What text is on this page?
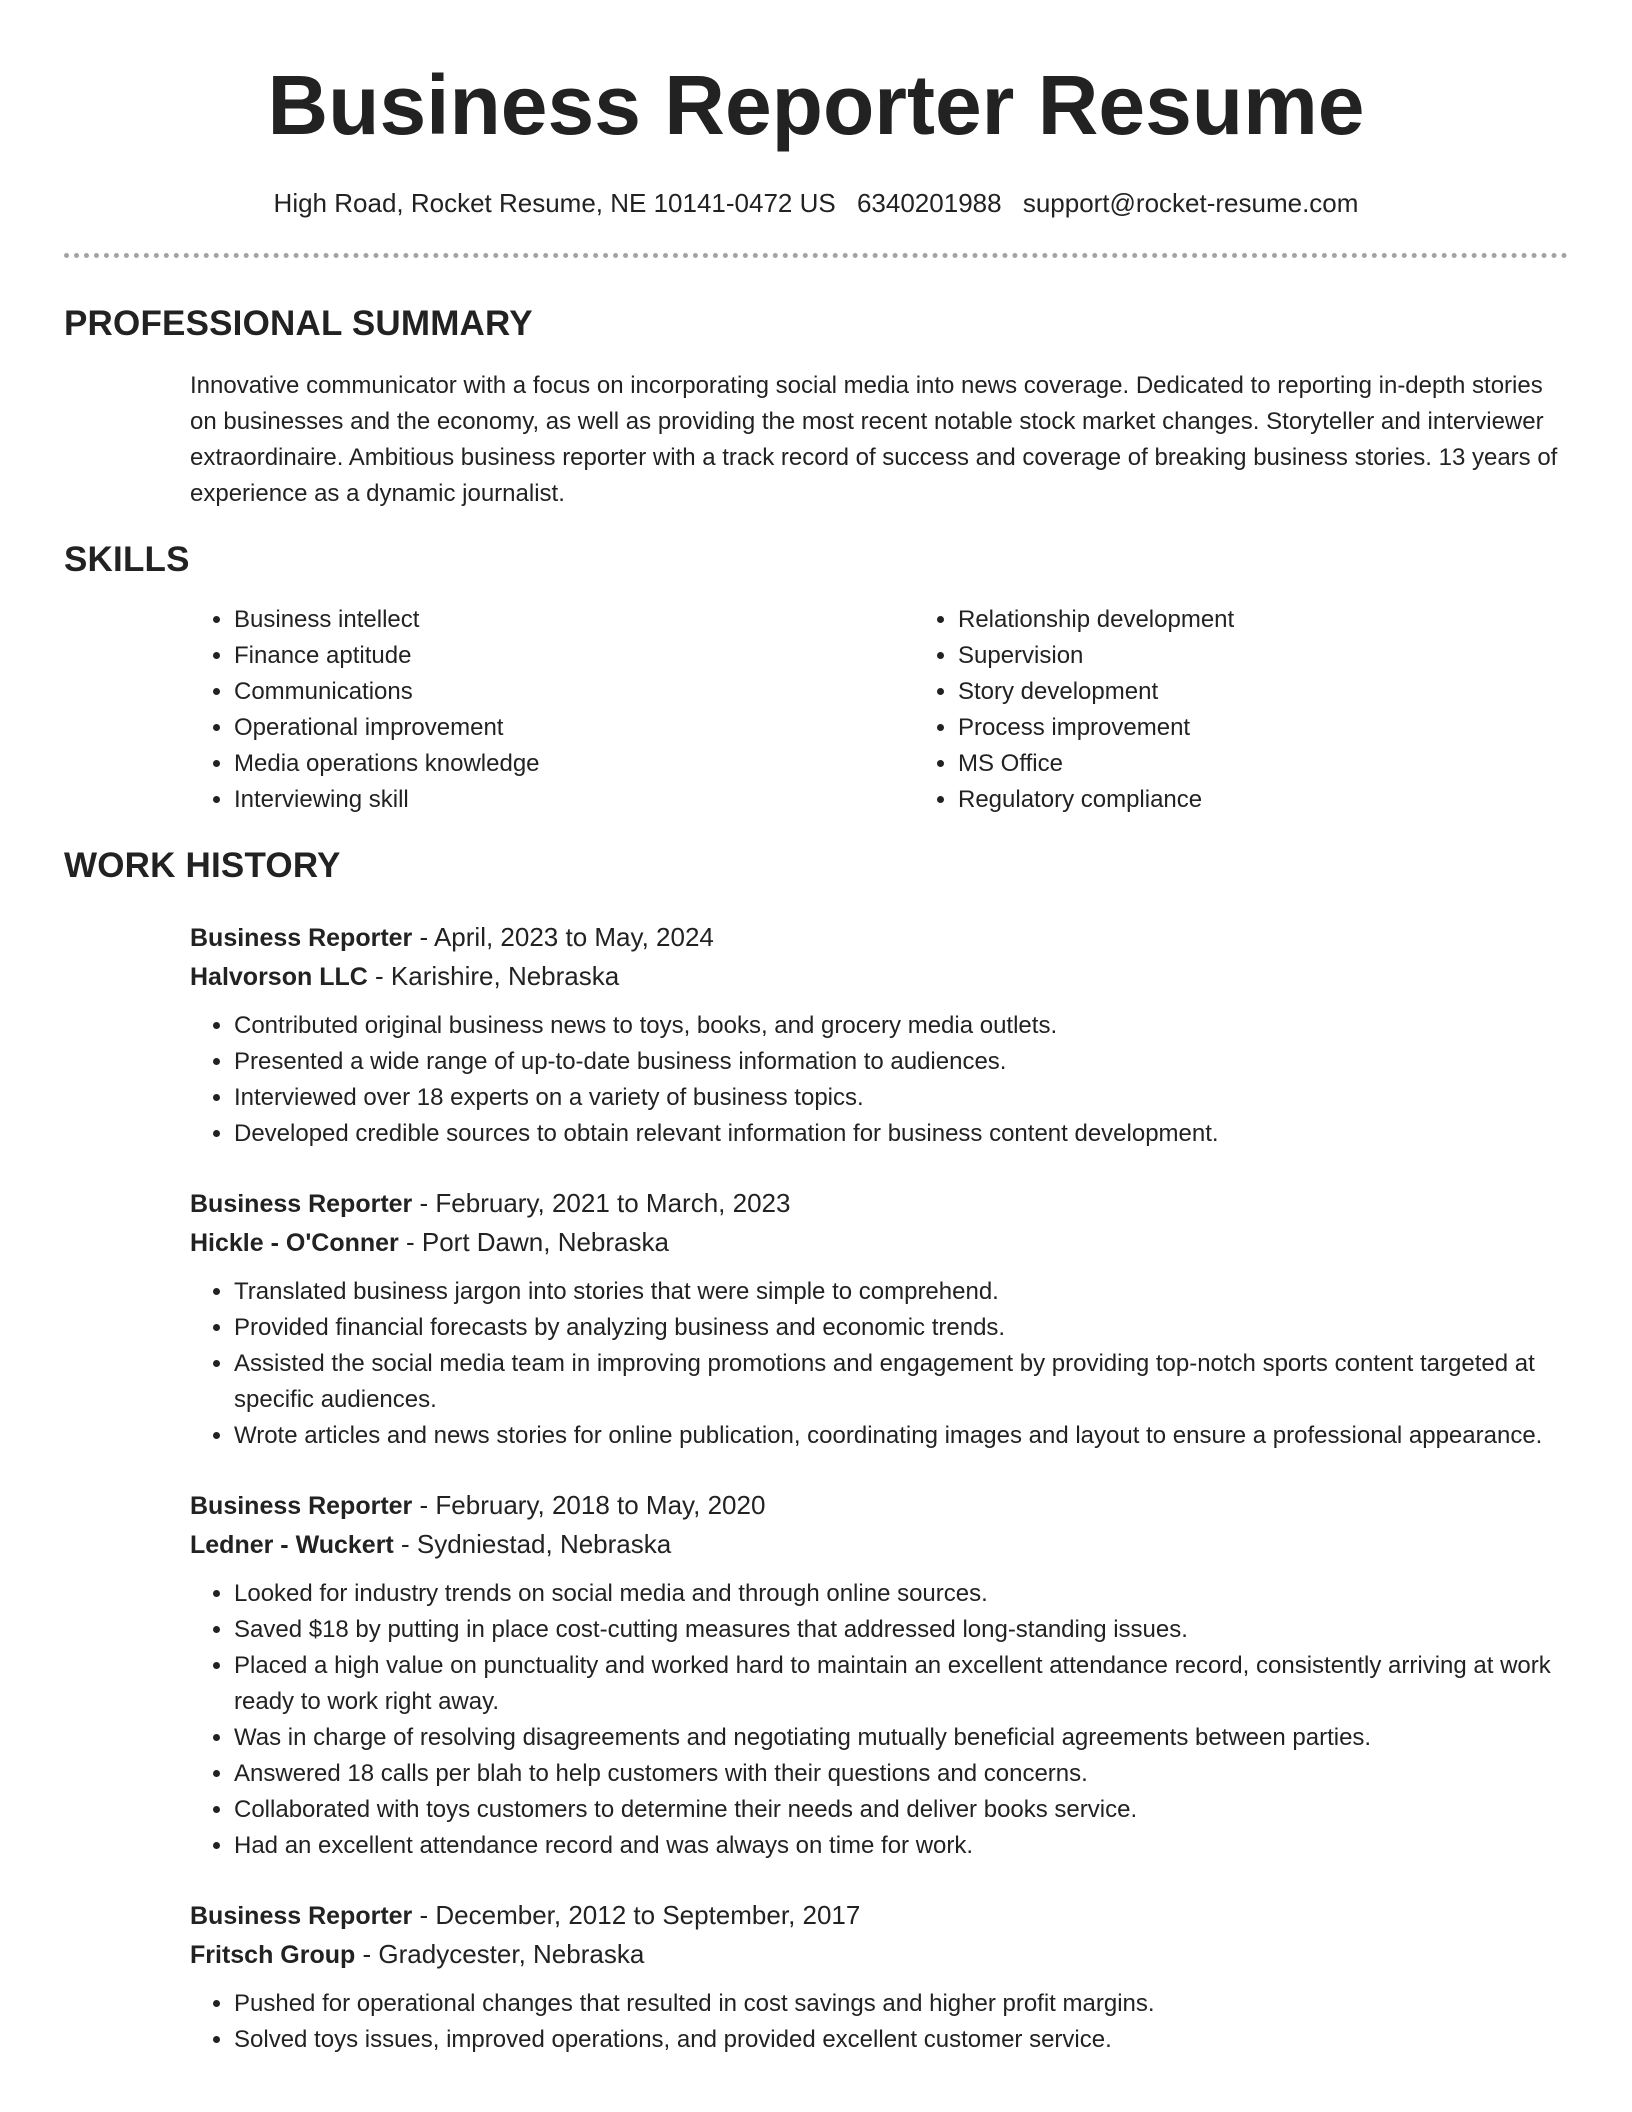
Business Reporter Resume
High Road, Rocket Resume, NE 10141-0472 US 6340201988 support@rocket-resume.com
PROFESSIONAL SUMMARY

Innovative communicator with a focus on incorporating social media into news coverage. Dedicated to reporting in-depth stories on businesses and the economy, as well as providing the most recent notable stock market changes. Storyteller and interviewer extraordinaire. Ambitious business reporter with a track record of success and coverage of breaking business stories. 13 years of experience as a dynamic journalist.

SKILLS
• Business intellect
• Finance aptitude
• Communications
• Operational improvement
• Media operations knowledge
• Interviewing skill
• Relationship development
• Supervision
• Story development
• Process improvement
• MS Office
• Regulatory compliance
WORK HISTORY
Business Reporter - April, 2023 to May, 2024
Halvorson LLC - Karishire, Nebraska
• Contributed original business news to toys, books, and grocery media outlets.
• Presented a wide range of up-to-date business information to audiences.
• Interviewed over 18 experts on a variety of business topics.
• Developed credible sources to obtain relevant information for business content development.
Business Reporter - February, 2021 to March, 2023
Hickle - O'Conner - Port Dawn, Nebraska
• Translated business jargon into stories that were simple to comprehend.
• Provided financial forecasts by analyzing business and economic trends.
• Assisted the social media team in improving promotions and engagement by providing top-notch sports content targeted at specific audiences.
• Wrote articles and news stories for online publication, coordinating images and layout to ensure a professional appearance.
Business Reporter - February, 2018 to May, 2020
Ledner - Wuckert - Sydniestad, Nebraska
• Looked for industry trends on social media and through online sources.
• Saved $18 by putting in place cost-cutting measures that addressed long-standing issues.
• Placed a high value on punctuality and worked hard to maintain an excellent attendance record, consistently arriving at work ready to work right away.
• Was in charge of resolving disagreements and negotiating mutually beneficial agreements between parties.
• Answered 18 calls per blah to help customers with their questions and concerns.
• Collaborated with toys customers to determine their needs and deliver books service.
• Had an excellent attendance record and was always on time for work.
Business Reporter - December, 2012 to September, 2017
Fritsch Group - Gradycester, Nebraska
• Pushed for operational changes that resulted in cost savings and higher profit margins.
• Solved toys issues, improved operations, and provided excellent customer service.
